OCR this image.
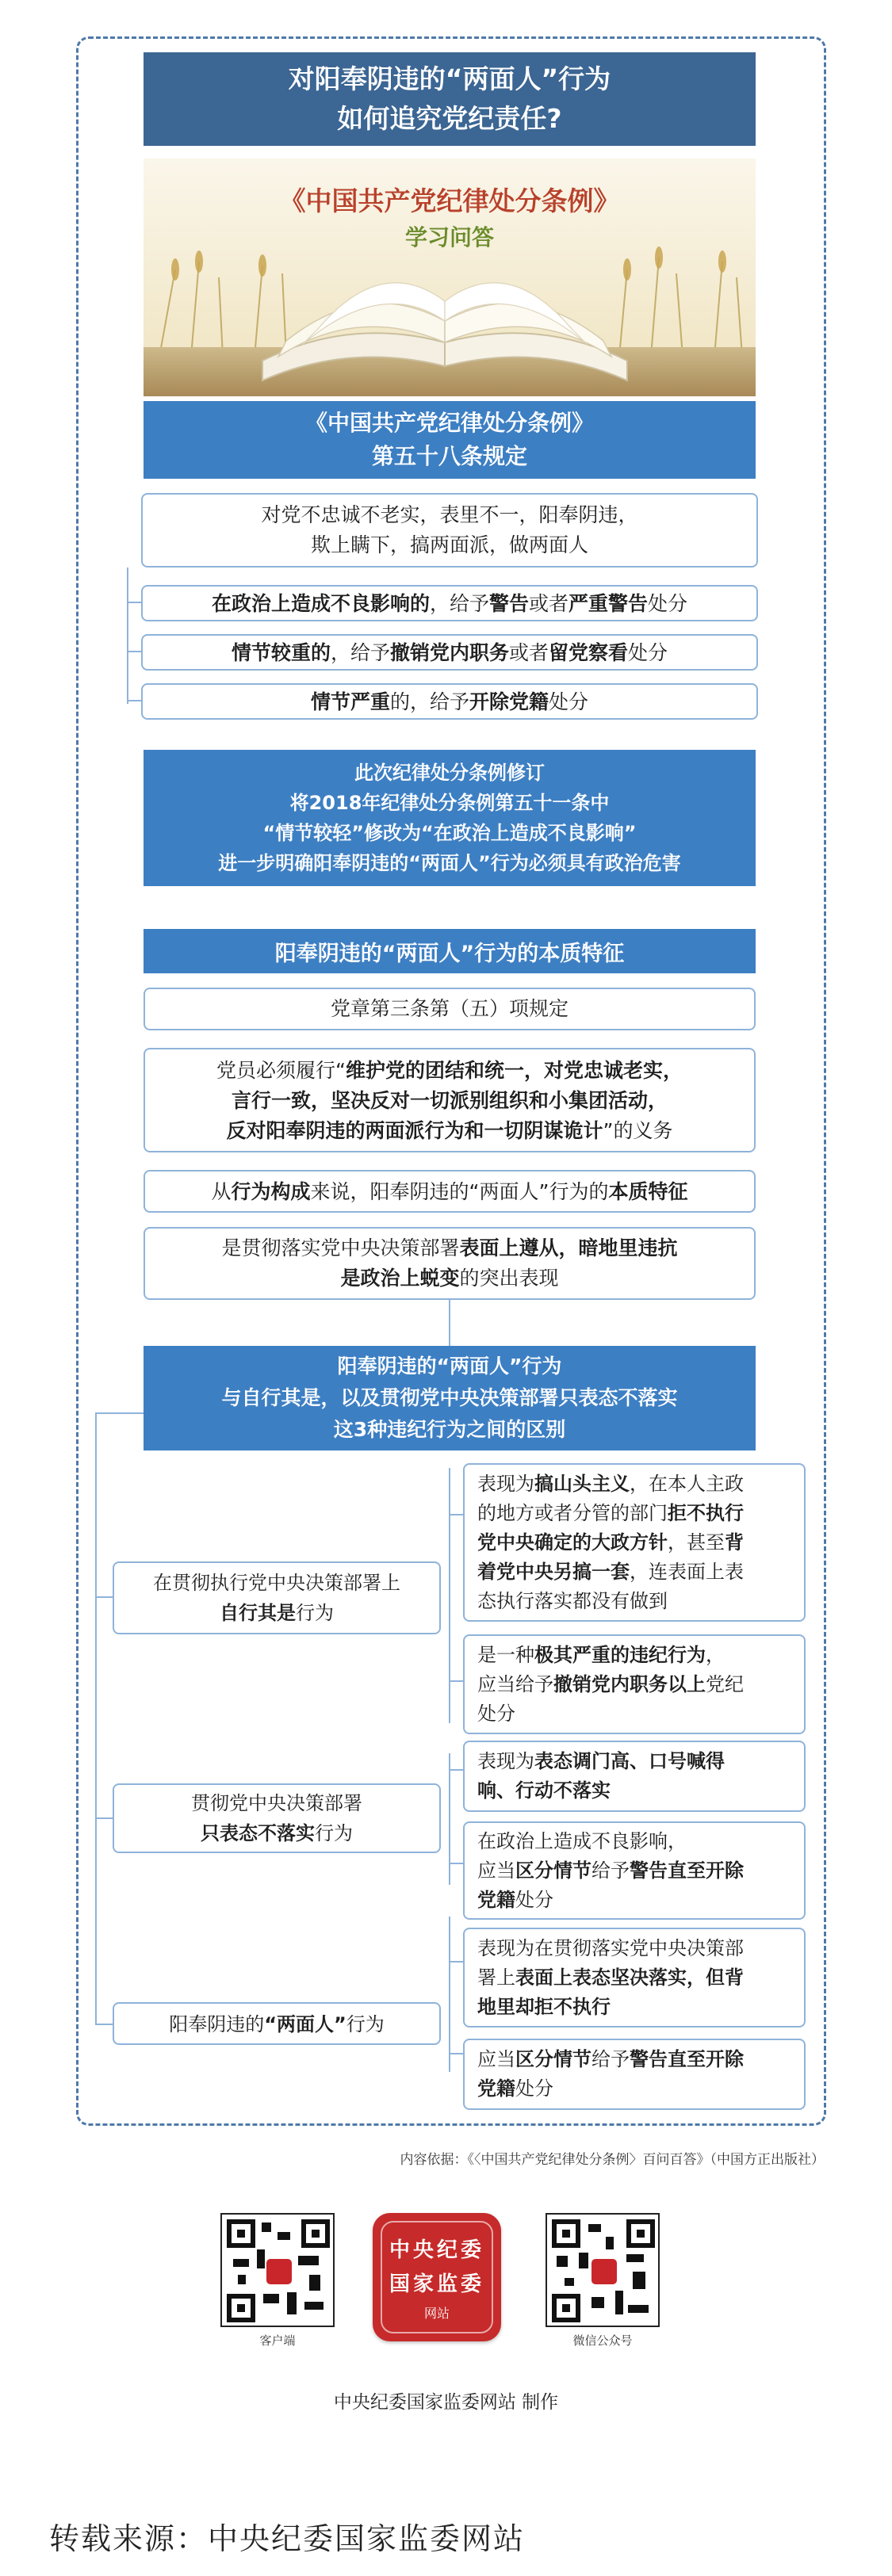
对阳奉阴违的“两面人”行为
如何追究党纪责任?
《中国共产党纪律处分条例》
学习问答
《中国共产党纪律处分条例》
第五十八条规定
对党不忠诚不老实，表里不一，阳奉阴违，
欺上瞒下，搞两面派，做两面人
在政治上造成不良影响的，给予警告或者严重警告处分
情节较重的，给予撤销党内职务或者留党察看处分
情节严重的，给予开除党籍处分
此次纪律处分条例修订
将2018年纪律处分条例第五十一条中
“情节较轻”修改为“在政治上造成不良影响”
进一步明确阳奉阴违的“两面人”行为必须具有政治危害
阳奉阴违的“两面人”行为的本质特征
党章第三条第（五）项规定
党员必须履行“维护党的团结和统一，对党忠诚老实，
言行一致，坚决反对一切派别组织和小集团活动，
反对阳奉阴违的两面派行为和一切阴谋诡计”的义务
从行为构成来说，阳奉阴违的“两面人”行为的本质特征
是贯彻落实党中央决策部署表面上遵从，暗地里违抗
是政治上蜕变的突出表现
阳奉阴违的“两面人”行为
与自行其是，以及贯彻党中央决策部署只表态不落实
这3种违纪行为之间的区别
在贯彻执行党中央决策部署上
自行其是行为
表现为搞山头主义，在本人主政
的地方或者分管的部门拒不执行
党中央确定的大政方针，甚至背
着党中央另搞一套，连表面上表
态执行落实都没有做到
是一种极其严重的违纪行为，
应当给予撤销党内职务以上党纪
处分
贯彻党中央决策部署
只表态不落实行为
表现为表态调门高、口号喊得
响、行动不落实
在政治上造成不良影响，
应当区分情节给予警告直至开除
党籍处分
阳奉阴违的“两面人”行为
表现为在贯彻落实党中央决策部
署上表面上表态坚决落实，但背
地里却拒不执行
应当区分情节给予警告直至开除
党籍处分
内容依据：《〈中国共产党纪律处分条例〉百问百答》（中国方正出版社）
客户端
中央纪委
国家监委
网站
微信公众号
中央纪委国家监委网站 制作
转载来源：中央纪委国家监委网站
